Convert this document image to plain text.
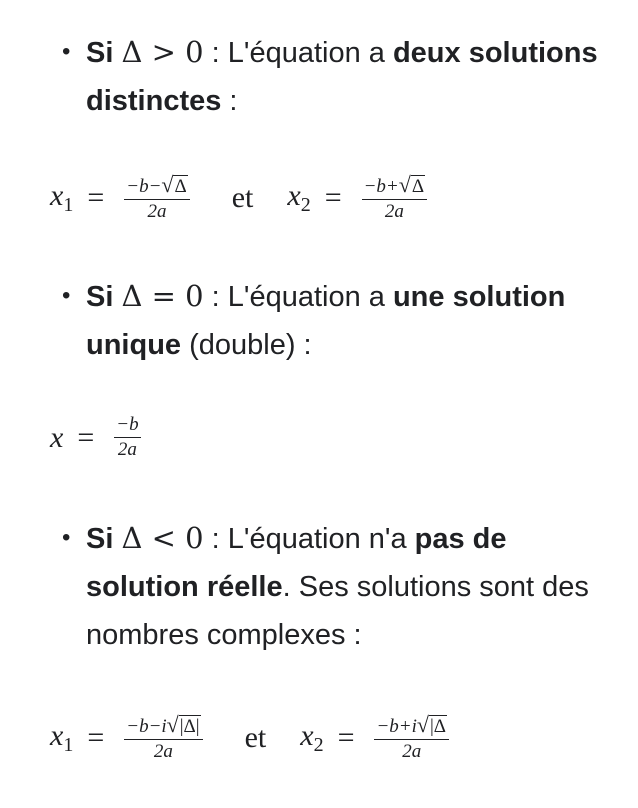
• Si Δ > 0 : L'équation a deux solutions distinctes :
$x_1 = \frac{-b- √ \Delta}{2a}$ et $x_2 = \frac{-b+ √ \Delta}{2a}$
• Si Δ = 0 : L'équation a une solution unique (double) :
$x = \frac{-b}{2a}$
• Si Δ < 0 : L'équation n'a pas de solution réelle. Ses solutions sont des nombres complexes :
$x_1 = \frac{-b-i √ |\Delta|}{2a}$ et $x_2 = \frac{-b+i √ |\Delta}{2a}$
